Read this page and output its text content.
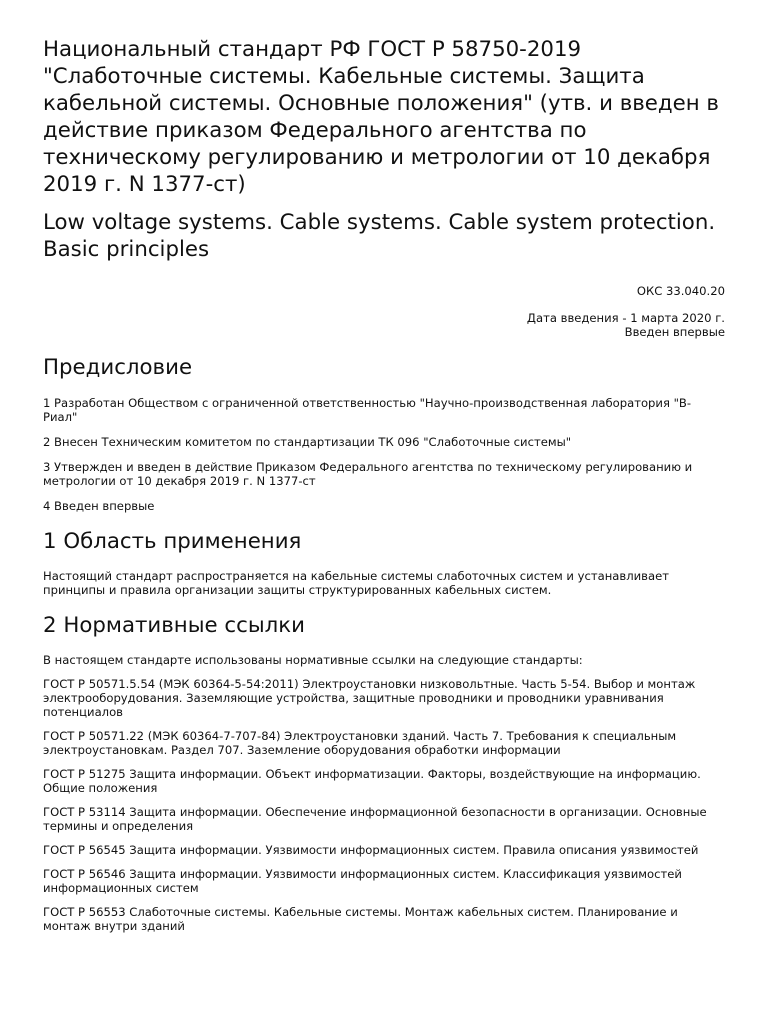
Национальный стандарт РФ ГОСТ Р 58750-2019 "Слаботочные системы. Кабельные системы. Защита кабельной системы. Основные положения" (утв. и введен в действие приказом Федерального агентства по техническому регулированию и метрологии от 10 декабря 2019 г. N 1377-ст)
Low voltage systems. Cable systems. Cable system protection. Basic principles

ОКС 33.040.20

Дата введения - 1 марта 2020 г.

Введен впервые

Предисловие

1 Разработан Обществом с ограниченной ответственностью "Научно-производственная лаборатория "В-Риал"

2 Внесен Техническим комитетом по стандартизации ТК 096 "Слаботочные системы"

3 Утвержден и введен в действие Приказом Федерального агентства по техническому регулированию и метрологии от 10 декабря 2019 г. N 1377-ст

4 Введен впервые

1 Область применения

Настоящий стандарт распространяется на кабельные системы слаботочных систем и устанавливает принципы и правила организации защиты структурированных кабельных систем.

2 Нормативные ссылки

В настоящем стандарте использованы нормативные ссылки на следующие стандарты:

ГОСТ Р 50571.5.54 (МЭК 60364-5-54:2011) Электроустановки низковольтные. Часть 5-54. Выбор и монтаж электрооборудования. Заземляющие устройства, защитные проводники и проводники уравнивания потенциалов

ГОСТ Р 50571.22 (МЭК 60364-7-707-84) Электроустановки зданий. Часть 7. Требования к специальным электроустановкам. Раздел 707. Заземление оборудования обработки информации

ГОСТ Р 51275 Защита информации. Объект информатизации. Факторы, воздействующие на информацию. Общие положения

ГОСТ Р 53114 Защита информации. Обеспечение информационной безопасности в организации. Основные термины и определения

ГОСТ Р 56545 Защита информации. Уязвимости информационных систем. Правила описания уязвимостей

ГОСТ Р 56546 Защита информации. Уязвимости информационных систем. Классификация уязвимостей информационных систем

ГОСТ Р 56553 Слаботочные системы. Кабельные системы. Монтаж кабельных систем. Планирование и монтаж внутри зданий
